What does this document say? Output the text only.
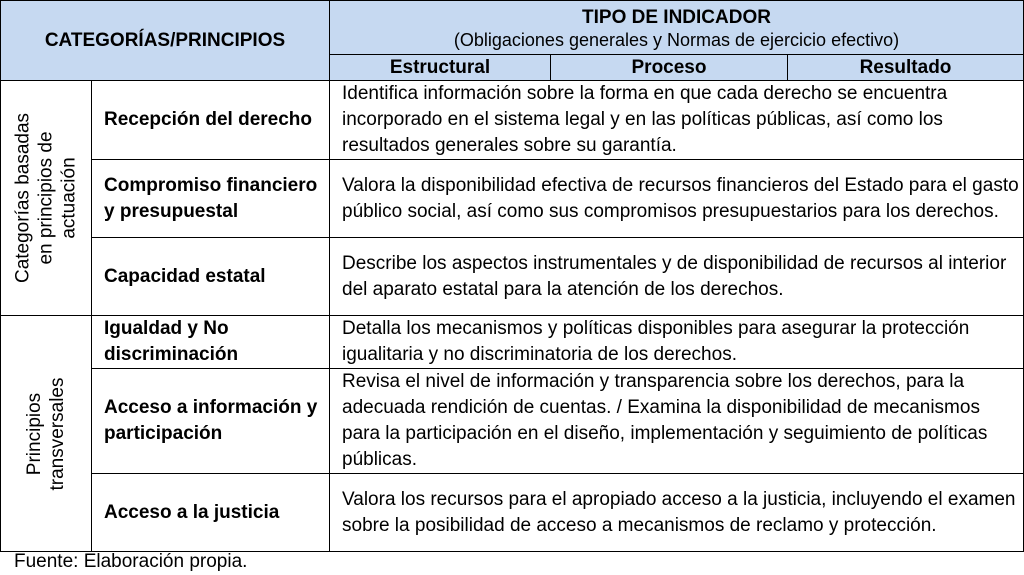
CATEGORÍAS/PRINCIPIOS		TIPO DE INDICADOR
(Obligaciones generales y Normas de ejercicio efectivo)		

		Estructural	Proceso	Resultado

Categorías basadas en principios de actuación	Recepción del derecho	Identifica información sobre la forma en que cada derecho se encuentra incorporado en el sistema legal y en las políticas públicas, así como los resultados generales sobre su garantía.		
	Compromiso financiero y presupuestal	Valora la disponibilidad efectiva de recursos financieros del Estado para el gasto público social, así como sus compromisos presupuestarios para los derechos.		
	Capacidad estatal	Describe los aspectos instrumentales y de disponibilidad de recursos al interior del aparato estatal para la atención de los derechos.		

Principios transversales	Igualdad y No discriminación	Detalla los mecanismos y políticas disponibles para asegurar la protección igualitaria y no discriminatoria de los derechos.		
	Acceso a información y participación	Revisa el nivel de información y transparencia sobre los derechos, para la adecuada rendición de cuentas. / Examina la disponibilidad de mecanismos para la participación en el diseño, implementación y seguimiento de políticas públicas.		
	Acceso a la justicia	Valora los recursos para el apropiado acceso a la justicia, incluyendo el examen sobre la posibilidad de acceso a mecanismos de reclamo y protección.		
Fuente: Elaboración propia.
